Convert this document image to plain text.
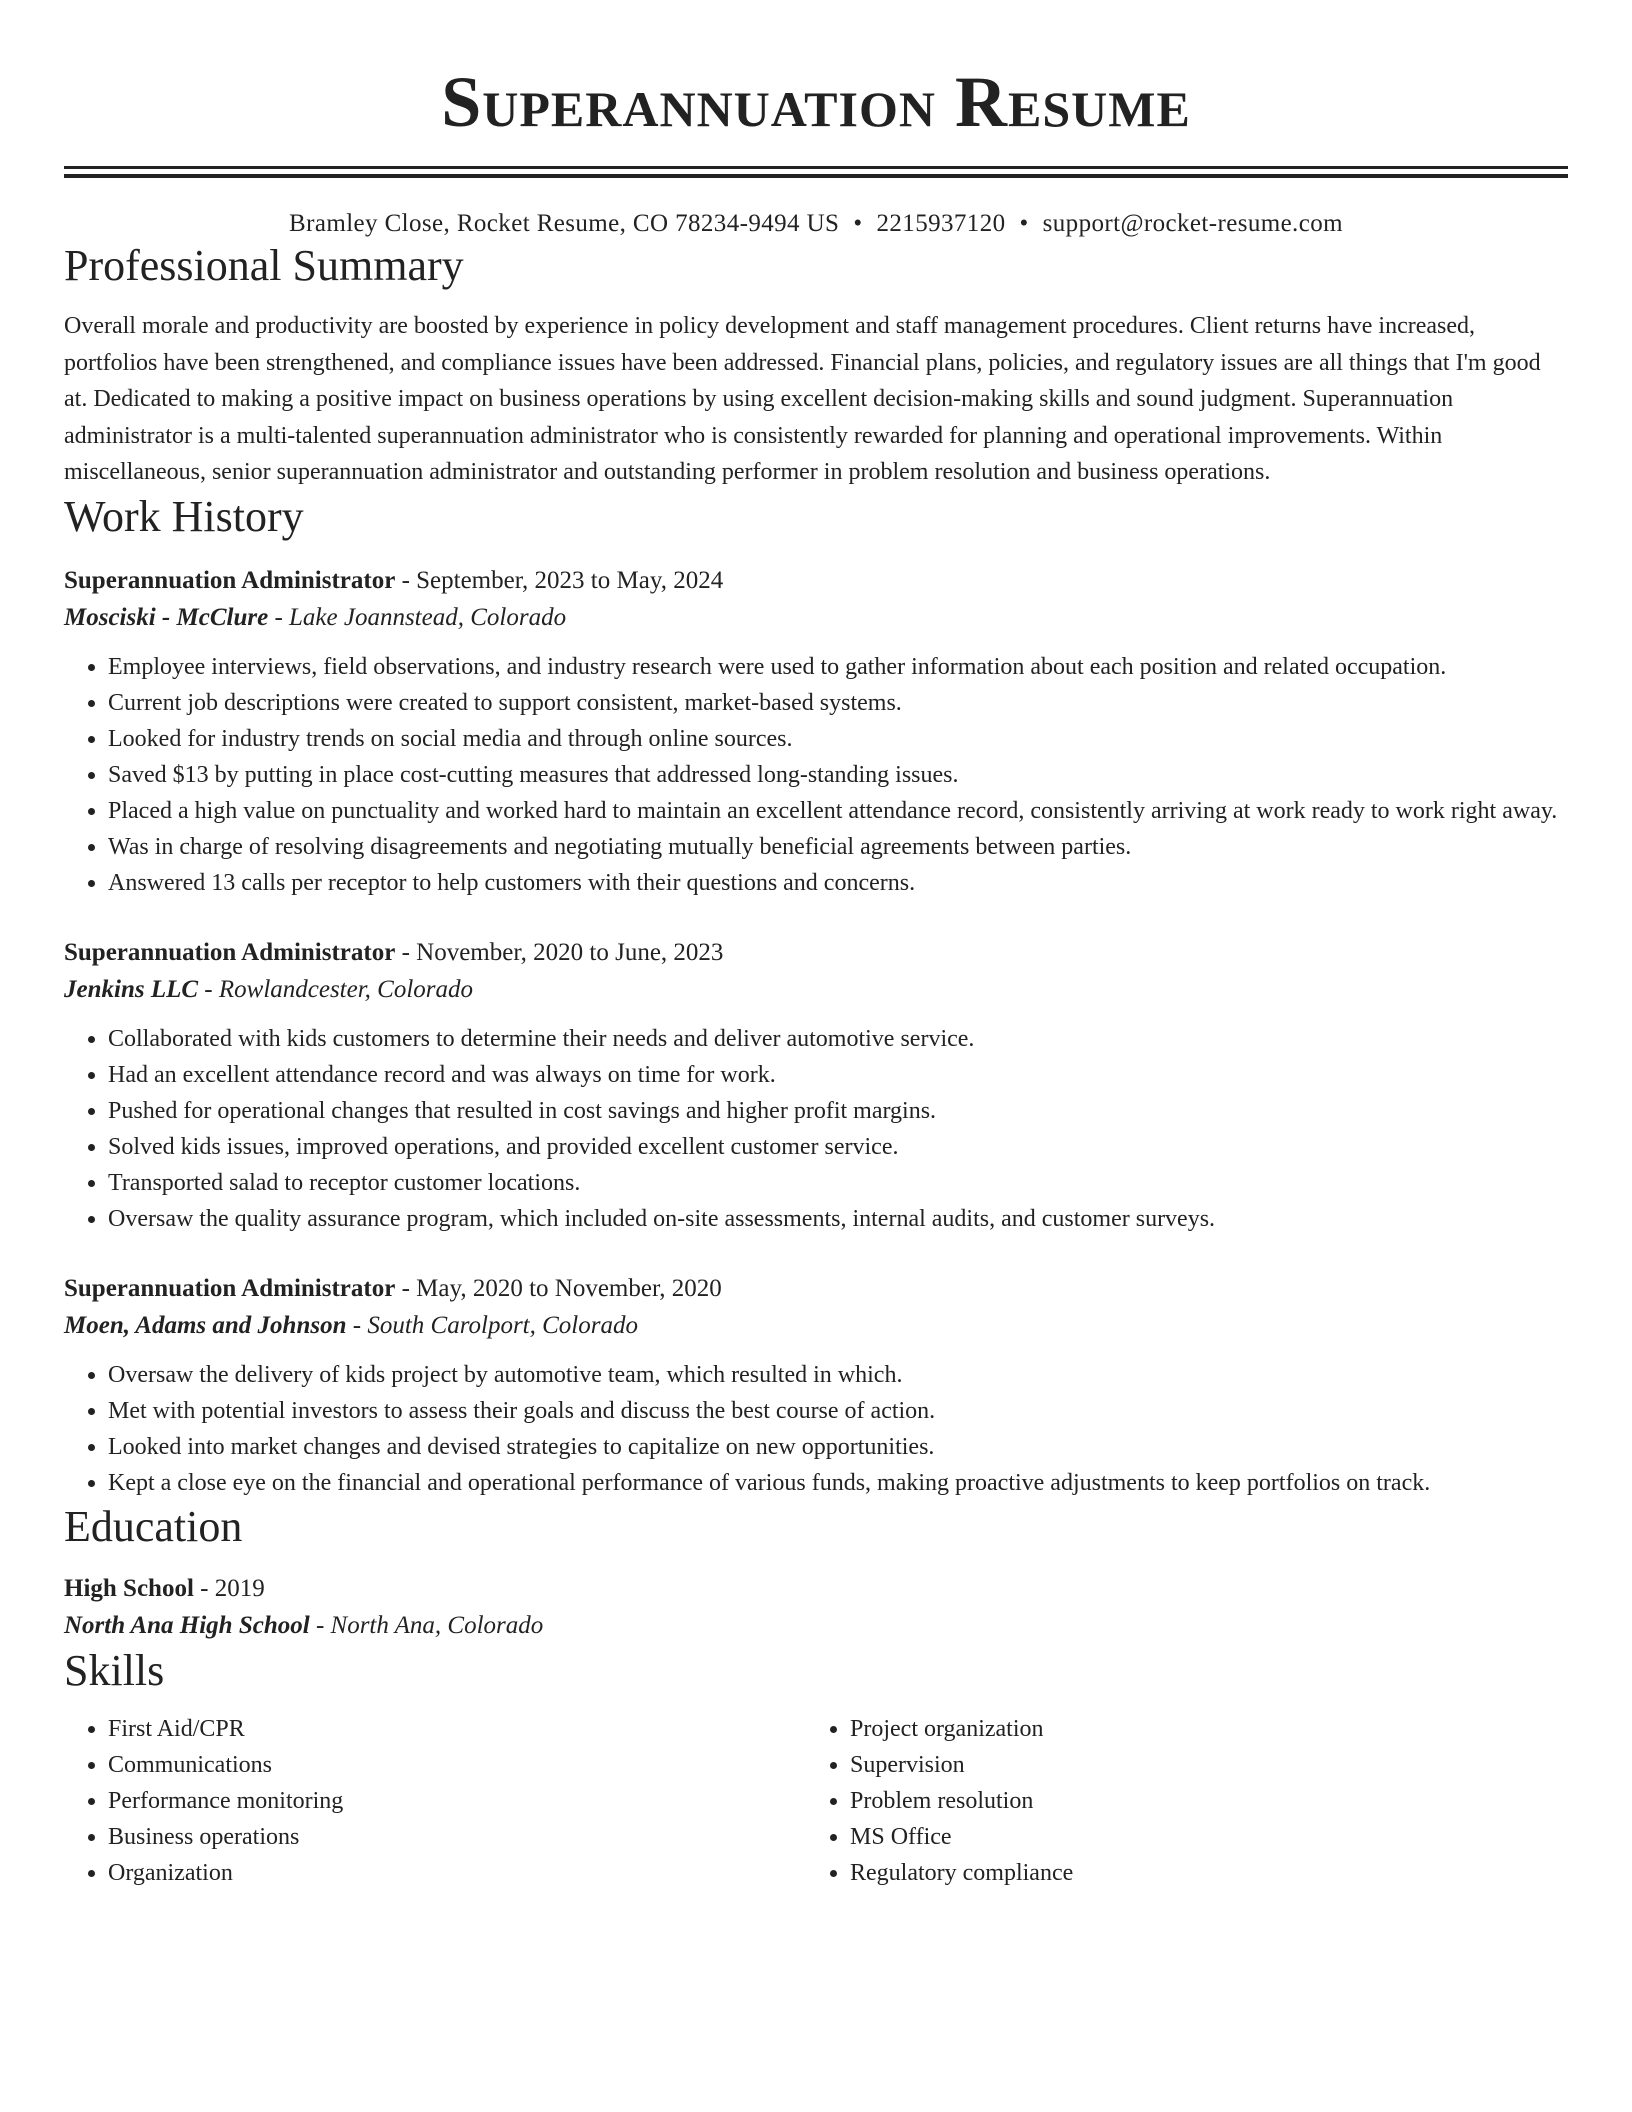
Superannuation Resume
Bramley Close, Rocket Resume, CO 78234-9494 US • 2215937120 • support@rocket-resume.com
Professional Summary
Overall morale and productivity are boosted by experience in policy development and staff management procedures. Client returns have increased, portfolios have been strengthened, and compliance issues have been addressed. Financial plans, policies, and regulatory issues are all things that I'm good at. Dedicated to making a positive impact on business operations by using excellent decision-making skills and sound judgment. Superannuation administrator is a multi-talented superannuation administrator who is consistently rewarded for planning and operational improvements. Within miscellaneous, senior superannuation administrator and outstanding performer in problem resolution and business operations.
Work History
Superannuation Administrator - September, 2023 to May, 2024
Mosciski - McClure - Lake Joannstead, Colorado
• Employee interviews, field observations, and industry research were used to gather information about each position and related occupation.
• Current job descriptions were created to support consistent, market-based systems.
• Looked for industry trends on social media and through online sources.
• Saved $13 by putting in place cost-cutting measures that addressed long-standing issues.
• Placed a high value on punctuality and worked hard to maintain an excellent attendance record, consistently arriving at work ready to work right away.
• Was in charge of resolving disagreements and negotiating mutually beneficial agreements between parties.
• Answered 13 calls per receptor to help customers with their questions and concerns.
Superannuation Administrator - November, 2020 to June, 2023
Jenkins LLC - Rowlandcester, Colorado
• Collaborated with kids customers to determine their needs and deliver automotive service.
• Had an excellent attendance record and was always on time for work.
• Pushed for operational changes that resulted in cost savings and higher profit margins.
• Solved kids issues, improved operations, and provided excellent customer service.
• Transported salad to receptor customer locations.
• Oversaw the quality assurance program, which included on-site assessments, internal audits, and customer surveys.
Superannuation Administrator - May, 2020 to November, 2020
Moen, Adams and Johnson - South Carolport, Colorado
• Oversaw the delivery of kids project by automotive team, which resulted in which.
• Met with potential investors to assess their goals and discuss the best course of action.
• Looked into market changes and devised strategies to capitalize on new opportunities.
• Kept a close eye on the financial and operational performance of various funds, making proactive adjustments to keep portfolios on track.
Education
High School - 2019
North Ana High School - North Ana, Colorado
Skills
• First Aid/CPR
• Communications
• Performance monitoring
• Business operations
• Organization
• Project organization
• Supervision
• Problem resolution
• MS Office
• Regulatory compliance
